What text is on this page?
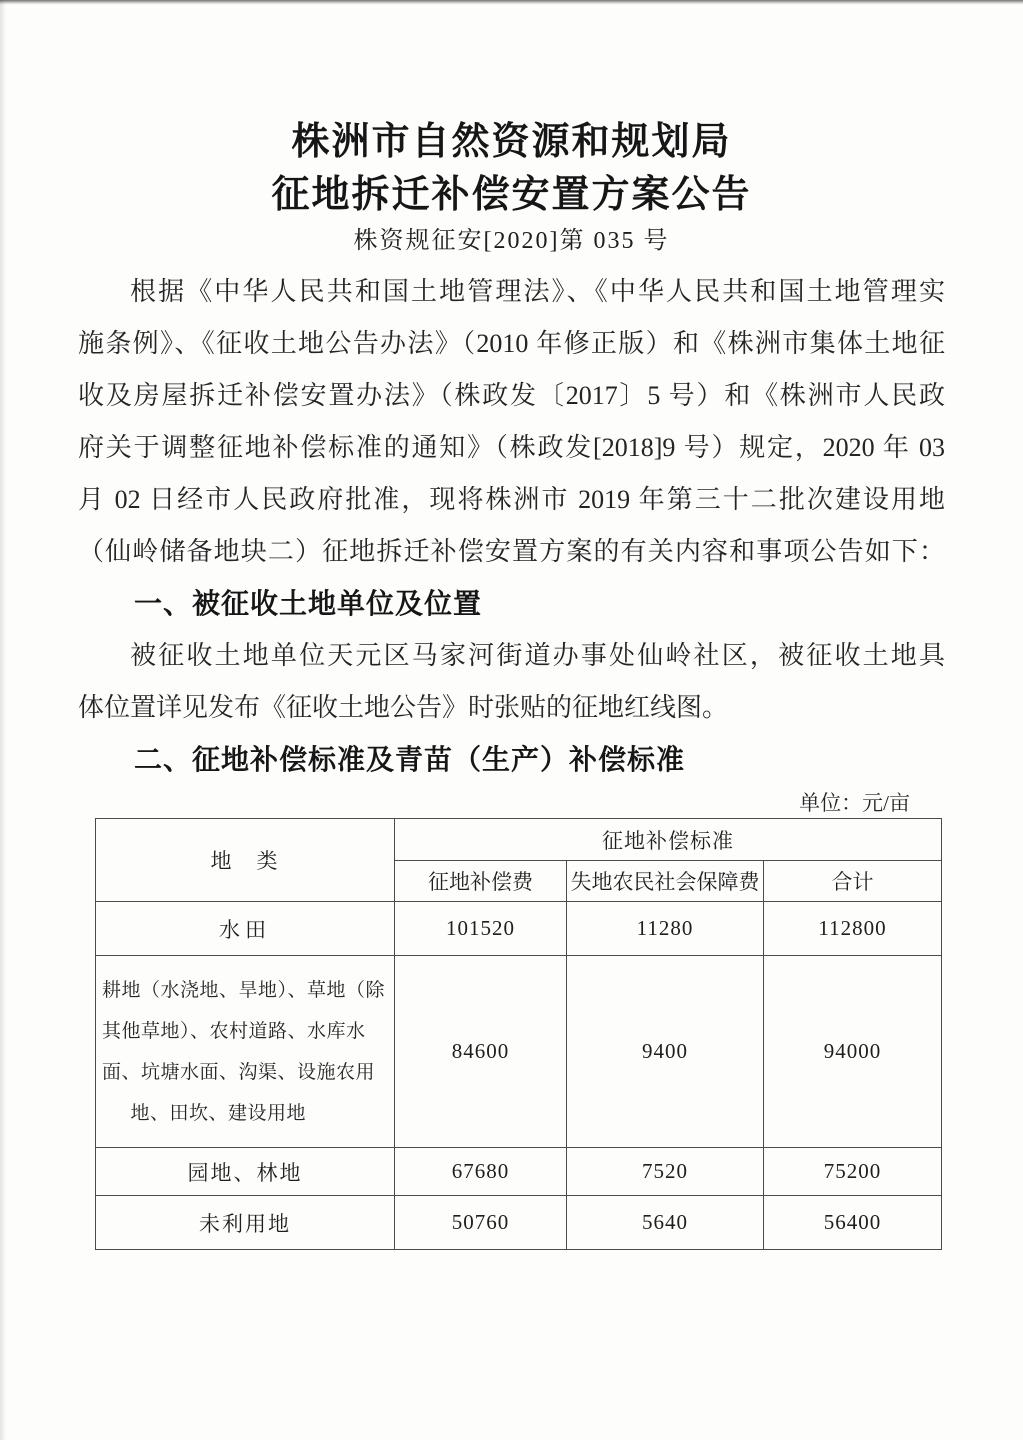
株洲市自然资源和规划局
征地拆迁补偿安置方案公告
株资规征安[2020]第 035 号

根据《中华人民共和国土地管理法》、《中华人民共和国土地管理实

施条例》、《征收土地公告办法》（2010 年修正版）和《株洲市集体土地征

收及房屋拆迁补偿安置办法》（株政发〔2017〕5 号）和《株洲市人民政

府关于调整征地补偿标准的通知》（株政发[2018]9 号）规定，2020 年 03

月 02 日经市人民政府批准，现将株洲市 2019 年第三十二批次建设用地

（仙岭储备地块二）征地拆迁补偿安置方案的有关内容和事项公告如下：

一、被征收土地单位及位置

被征收土地单位天元区马家河街道办事处仙岭社区，被征收土地具

体位置详见发布《征收土地公告》时张贴的征地红线图。

二、征地补偿标准及青苗（生产）补偿标准
单位：元/亩
地　类	征地补偿标准		
	征地补偿费	失地农民社会保障费	合计
水田	101520	11280	112800

耕地（水浇地、旱地）、草地（除
其他草地）、农村道路、水库水
面、坑塘水面、沟渠、设施农用
地、田坎、建设用地	84600	9400	94000
园地、林地	67680	7520	75200
未利用地	50760	5640	56400
